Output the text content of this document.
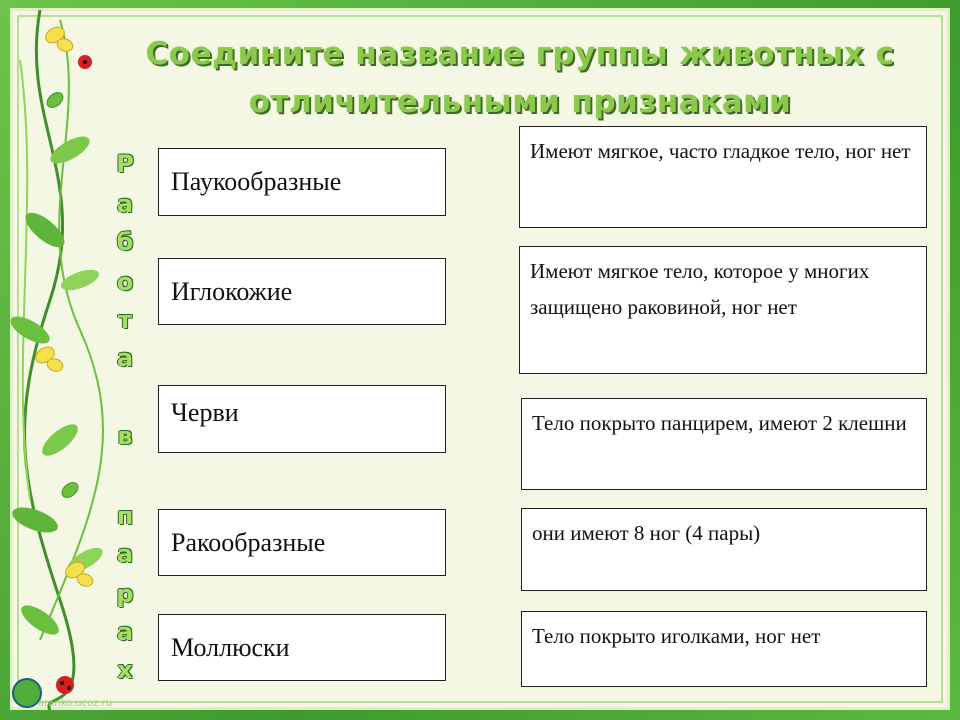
aranko.ucoz.ru
Соедините название группы животных с
отличительными признаками
Р
а
б
о
т
а
в
п
а
р
а
х
Паукообразные
Иглокожие
Черви
Ракообразные
Моллюски
Имеют мягкое, часто гладкое тело, ног нет
Имеют мягкое тело, которое у многих защищено раковиной, ног нет
Тело покрыто панцирем, имеют 2 клешни
они имеют 8 ног (4 пары)
Тело покрыто иголками, ног нет
